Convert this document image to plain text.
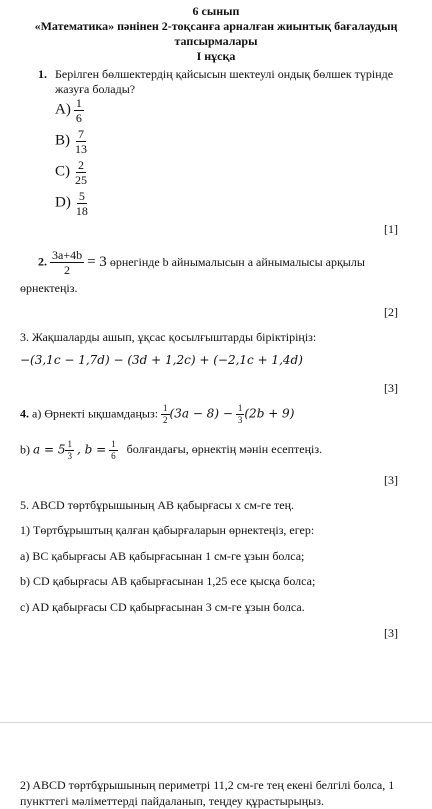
6 сынып
«Математика» пәнінен 2-тоқсанға арналған жиынтық бағалаудың
тапсырмалары
І нұсқа
1. Берілген бөлшектердің қайсысын шектеулі ондық бөлшек түрінде
жазуға болады?
$A) \frac{1}{6}$
$B) \frac{7}{13}$
$C) \frac{2}{25}$
$D) \frac{5}{18}$
[1]
2. $\frac{3a+4b}{2} = 3$ өрнегінде b айнымалысын a айнымалысы арқылы
өрнектеңіз.
[2]
3. Жақшаларды ашып, ұқсас қосылғыштарды біріктіріңіз:
−(3,1c − 1,7d) − (3d + 1,2c) + (−2,1c + 1,4d)
[3]
4. а) Өрнекті ықшамдаңыз: $\frac{1}{2} (3a - 8) - \frac{1}{3} (2b + 9)$
b) $a = 5 \frac{1}{3}$ , $b = \frac{1}{6}$ болғандағы, өрнектің мәнін есептеңіз.
[3]
5. ABCD төртбұрышының AB қабырғасы x см-ге тең.
1) Төртбұрыштың қалған қабырғаларын өрнектеңіз, егер:
a) BC қабырғасы AB қабырғасынан 1 см-ге ұзын болса;
b) CD қабырғасы AB қабырғасынан 1,25 есе қысқа болса;
c) AD қабырғасы CD қабырғасынан 3 см-ге ұзын болса.
[3]
2) ABCD төртбұрышының периметрі 11,2 см-ге тең екені белгілі болса, 1
пункттегі мәліметтерді пайдаланып, теңдеу құрастырыңыз.
